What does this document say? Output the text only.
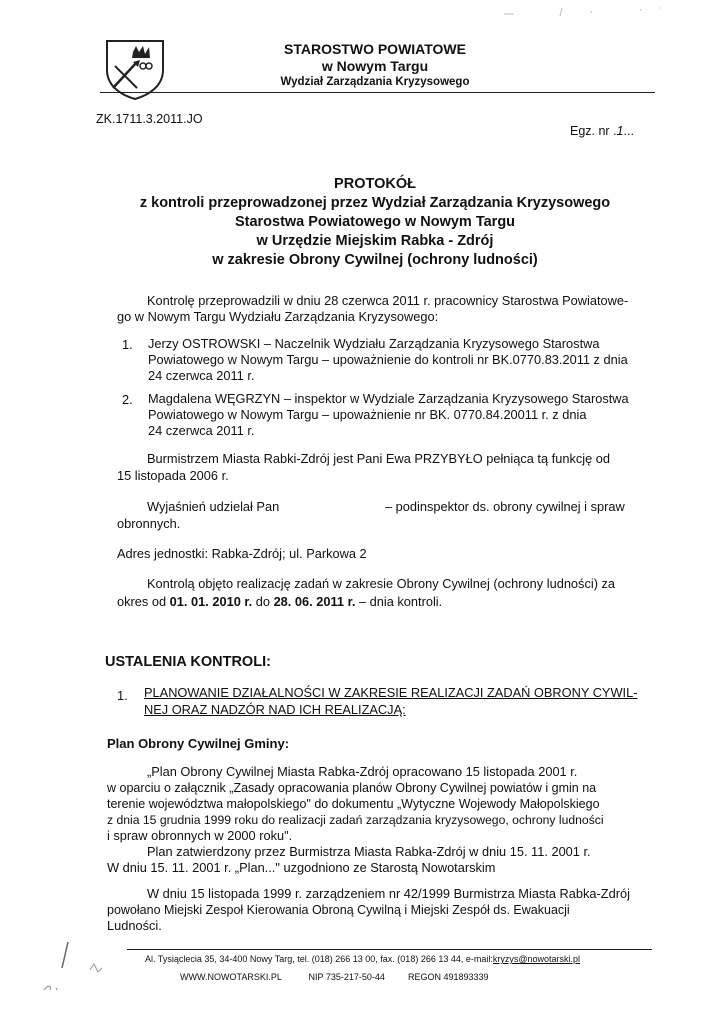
STAROSTWO POWIATOWE
w Nowym Targu
Wydział Zarządzania Kryzysowego
ZK.1711.3.2011.JO
Egz. nr .1...
PROTOKÓŁ
z kontroli przeprowadzonej przez Wydział Zarządzania Kryzysowego
Starostwa Powiatowego w Nowym Targu
w Urzędzie Miejskim Rabka - Zdrój
w zakresie Obrony Cywilnej (ochrony ludności)
Kontrolę przeprowadzili w dniu 28 czerwca 2011 r. pracownicy Starostwa Powiatowe-
go w Nowym Targu Wydziału Zarządzania Kryzysowego:
1. Jerzy OSTROWSKI – Naczelnik Wydziału Zarządzania Kryzysowego Starostwa
Powiatowego w Nowym Targu – upoważnienie do kontroli nr BK.0770.83.2011 z dnia
24 czerwca 2011 r.
2. Magdalena WĘGRZYN – inspektor w Wydziale Zarządzania Kryzysowego Starostwa
Powiatowego w Nowym Targu – upoważnienie nr BK. 0770.84.20011 r. z dnia
24 czerwca 2011 r.
Burmistrzem Miasta Rabki-Zdrój jest Pani Ewa PRZYBYŁO pełniąca tą funkcję od
15 listopada 2006 r.
Wyjaśnień udzielał Pan	– podinspektor ds. obrony cywilnej i spraw
obronnych.
Adres jednostki: Rabka-Zdrój; ul. Parkowa 2
Kontrolą objęto realizację zadań w zakresie Obrony Cywilnej (ochrony ludności) za
okres od 01. 01. 2010 r. do 28. 06. 2011 r. – dnia kontroli.
USTALENIA KONTROLI:
1. PLANOWANIE DZIAŁALNOŚCI W ZAKRESIE REALIZACJI ZADAŃ OBRONY CYWIL-
NEJ ORAZ NADZÓR NAD ICH REALIZACJĄ:
Plan Obrony Cywilnej Gminy:
„Plan Obrony Cywilnej Miasta Rabka-Zdrój opracowano 15 listopada 2001 r.
w oparciu o załącznik „Zasady opracowania planów Obrony Cywilnej powiatów i gmin na
terenie województwa małopolskiego" do dokumentu „Wytyczne Wojewody Małopolskiego
z dnia 15 grudnia 1999 roku do realizacji zadań zarządzania kryzysowego, ochrony ludności
i spraw obronnych w 2000 roku".
Plan zatwierdzony przez Burmistrza Miasta Rabka-Zdrój w dniu 15. 11. 2001 r.
W dniu 15. 11. 2001 r. „Plan..." uzgodniono ze Starostą Nowotarskim
W dniu 15 listopada 1999 r. zarządzeniem nr 42/1999 Burmistrza Miasta Rabka-Zdrój
powołano Miejski Zespoł Kierowania Obroną Cywilną i Miejski Zespół ds. Ewakuacji
Ludności.
Al. Tysiąclecia 35, 34-400 Nowy Targ, tel. (018) 266 13 00, fax. (018) 266 13 44, e-mail:kryzys@nowotarski.pl
WWW.NOWOTARSKI.PL	NIP 735-217-50-44	REGON 491893339
